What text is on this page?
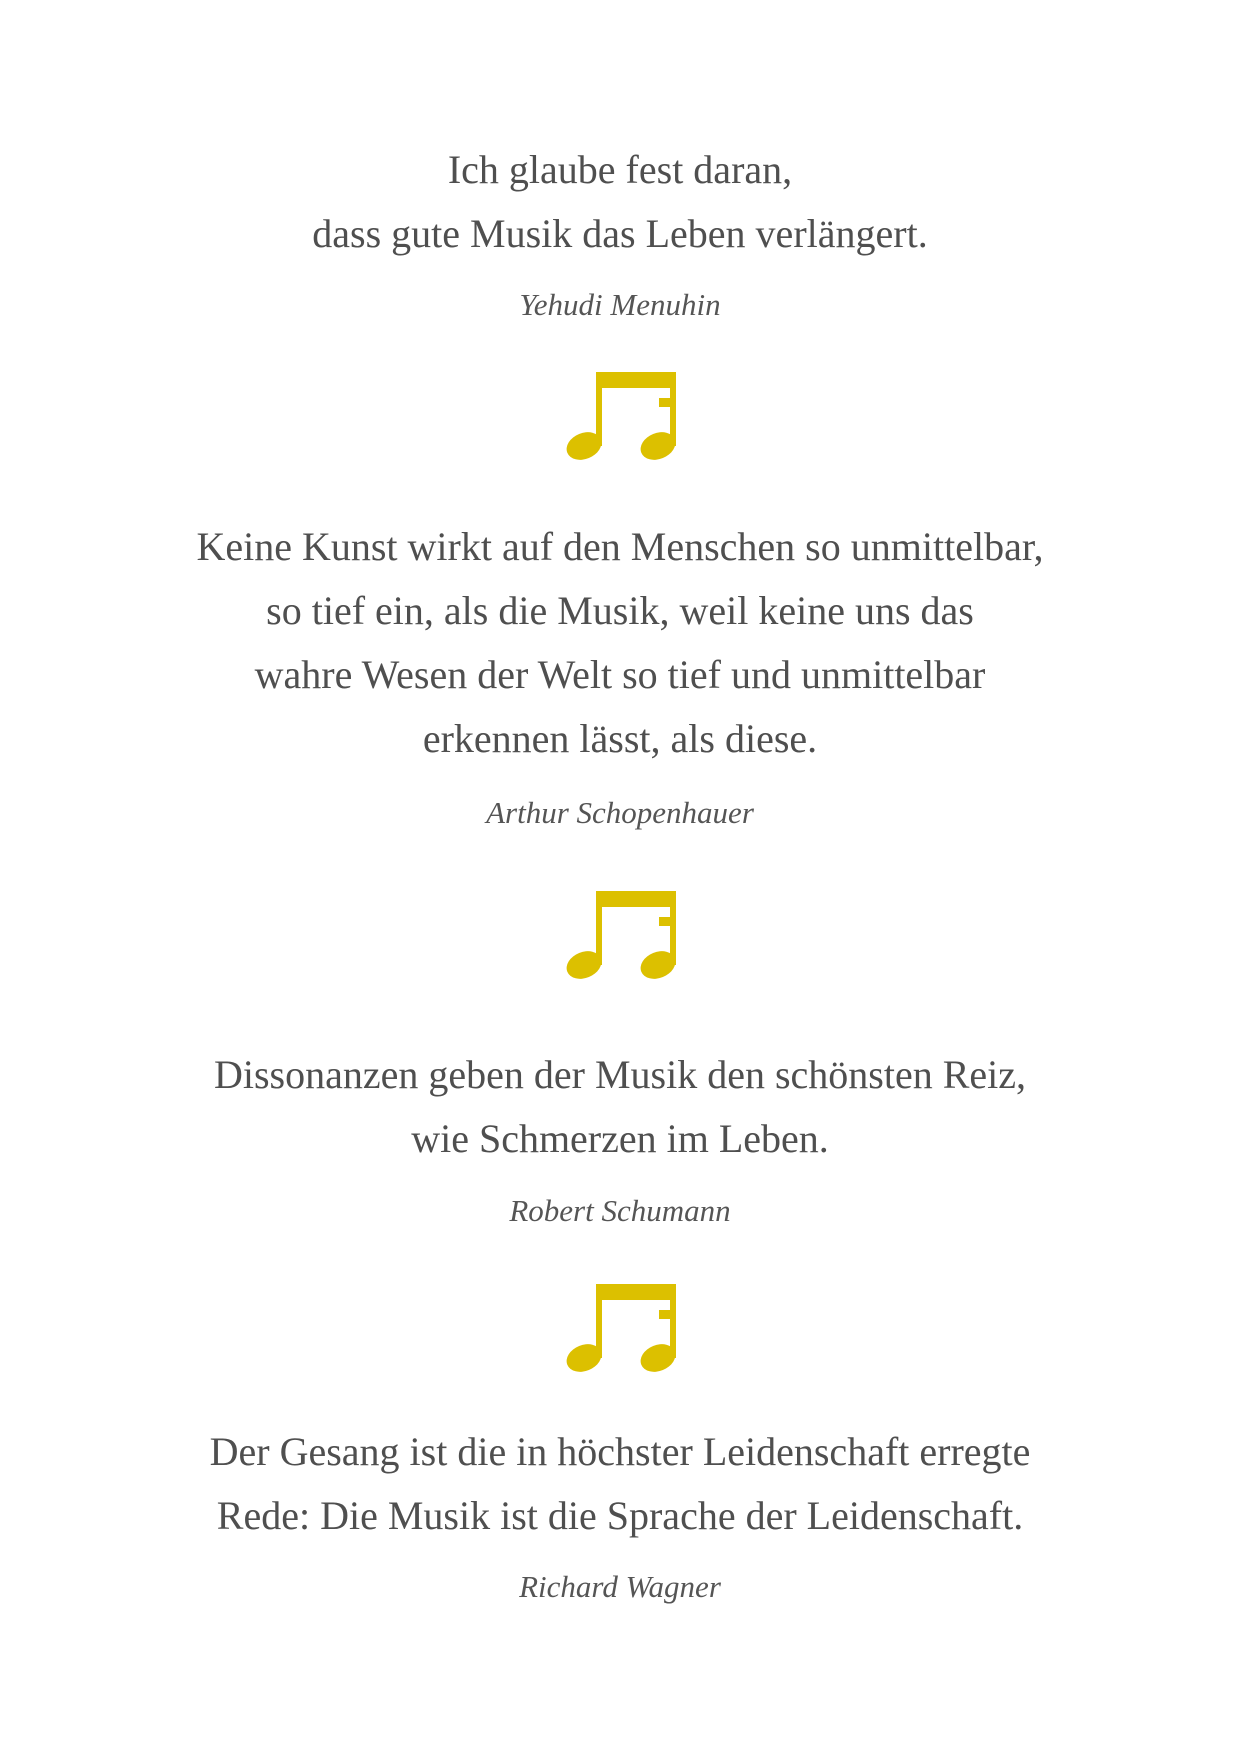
Ich glaube fest daran,
dass gute Musik das Leben verlängert.
Yehudi Menuhin
Keine Kunst wirkt auf den Menschen so unmittelbar,
so tief ein, als die Musik, weil keine uns das
wahre Wesen der Welt so tief und unmittelbar
erkennen lässt, als diese.
Arthur Schopenhauer
Dissonanzen geben der Musik den schönsten Reiz,
wie Schmerzen im Leben.
Robert Schumann
Der Gesang ist die in höchster Leidenschaft erregte
Rede: Die Musik ist die Sprache der Leidenschaft.
Richard Wagner
